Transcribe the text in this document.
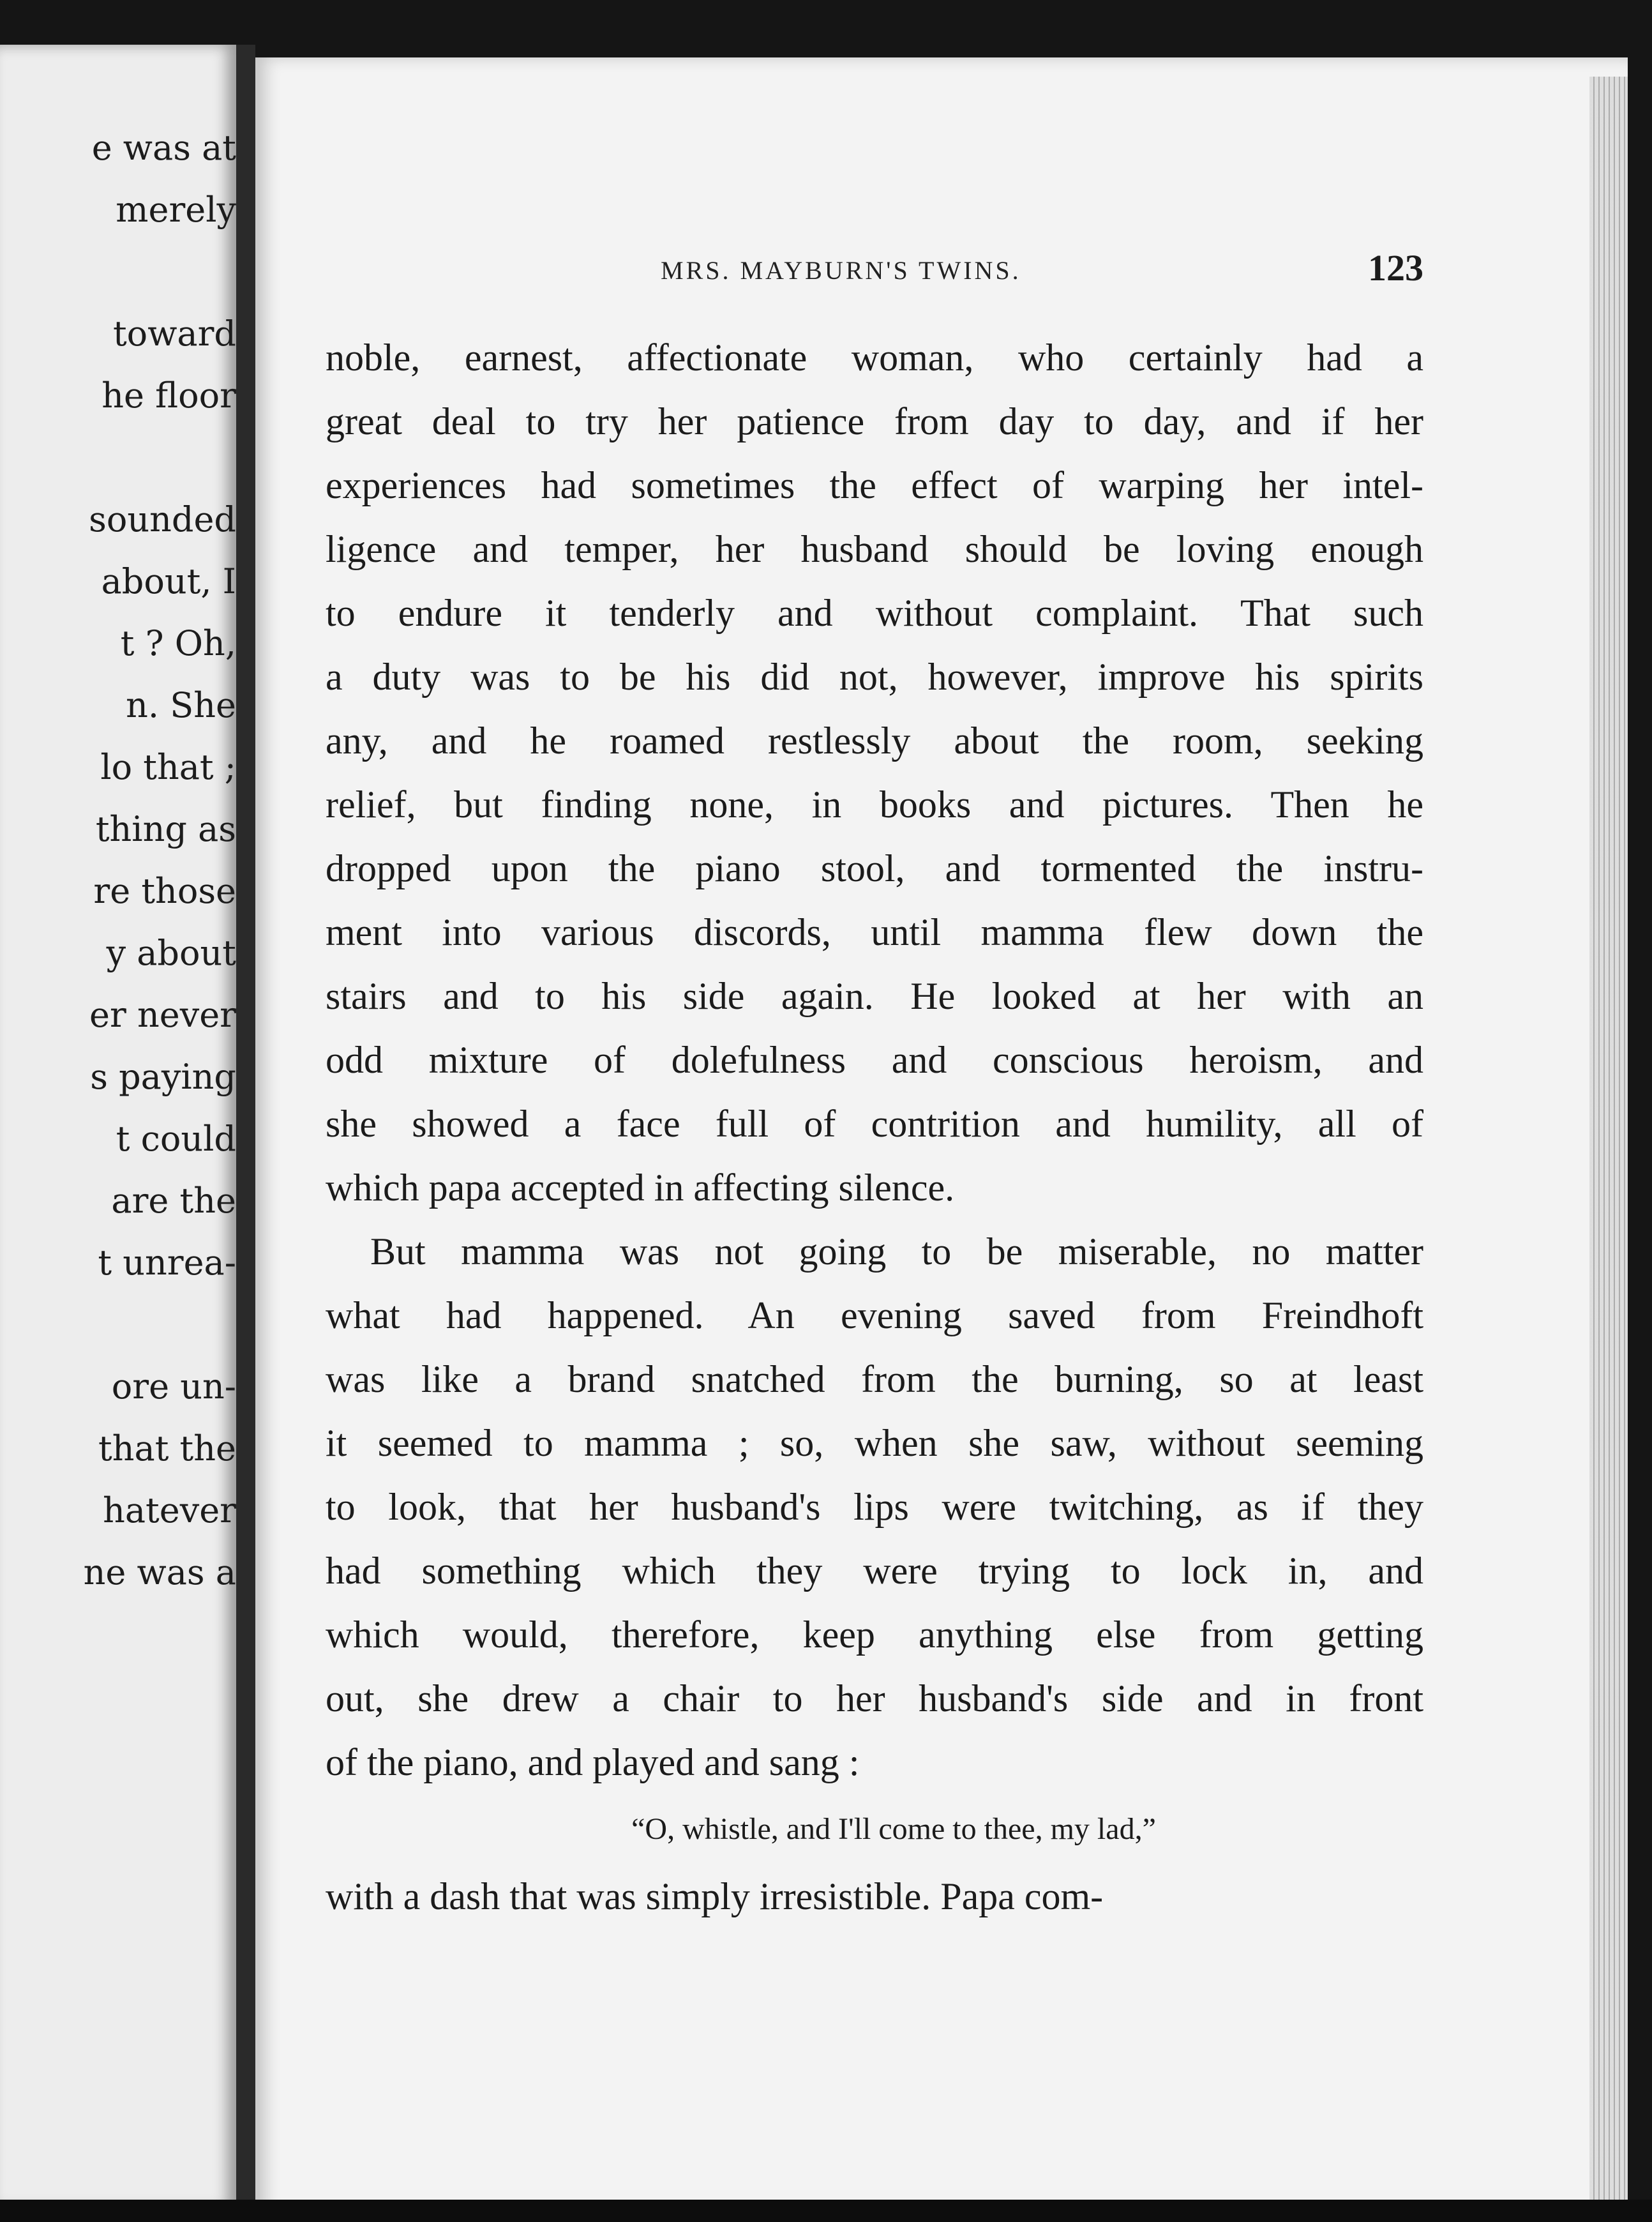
e was at
merely
toward
he floor
sounded
about, I
t ? Oh,
n. She
lo that ;
thing as
re those
y about
er never
s paying
t could
are the
t unrea-
ore un-
that the
hatever
ne was a
MRS. MAYBURN'S TWINS.	123
noble, earnest, affectionate woman, who certainly had a
great deal to try her patience from day to day, and if her
experiences had sometimes the effect of warping her intel-
ligence and temper, her husband should be loving enough
to endure it tenderly and without complaint. That such
a duty was to be his did not, however, improve his spirits
any, and he roamed restlessly about the room, seeking
relief, but finding none, in books and pictures. Then he
dropped upon the piano stool, and tormented the instru-
ment into various discords, until mamma flew down the
stairs and to his side again. He looked at her with an
odd mixture of dolefulness and conscious heroism, and
she showed a face full of contrition and humility, all of
which papa accepted in affecting silence.
But mamma was not going to be miserable, no matter
what had happened. An evening saved from Freindhoft
was like a brand snatched from the burning, so at least
it seemed to mamma ; so, when she saw, without seeming
to look, that her husband's lips were twitching, as if they
had something which they were trying to lock in, and
which would, therefore, keep anything else from getting
out, she drew a chair to her husband's side and in front
of the piano, and played and sang :
“O, whistle, and I'll come to thee, my lad,”
with a dash that was simply irresistible. Papa com-
